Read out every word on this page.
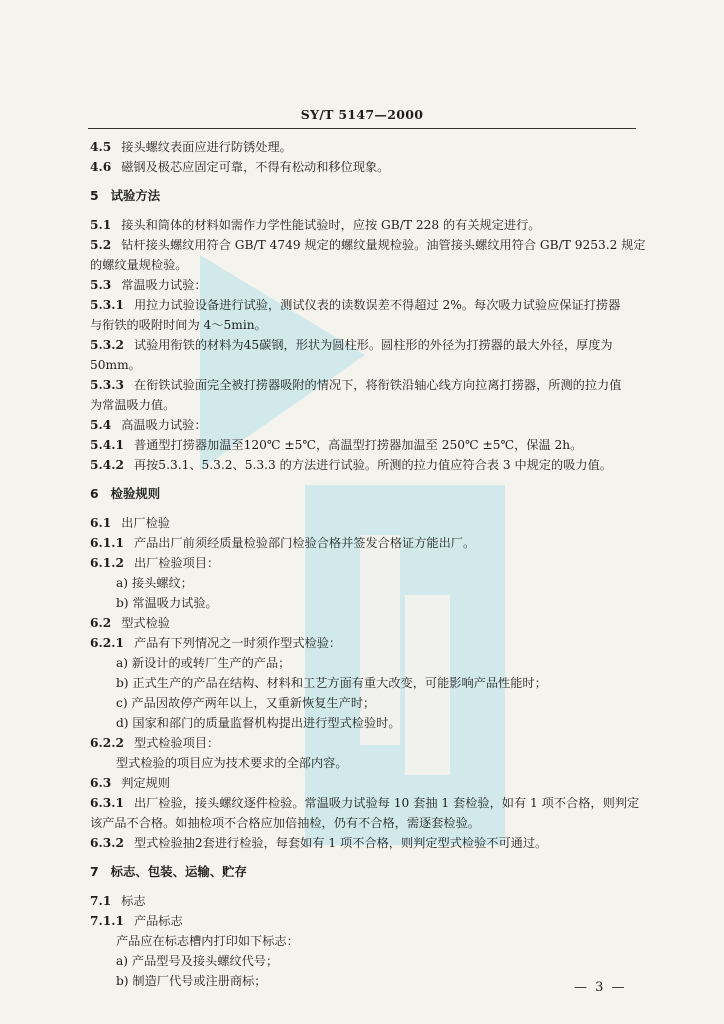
SY/T 5147—2000
4.5 接头螺纹表面应进行防锈处理。
4.6 磁钢及极芯应固定可靠，不得有松动和移位现象。
5 试验方法
5.1 接头和筒体的材料如需作力学性能试验时，应按 GB/T 228 的有关规定进行。
5.2 钻杆接头螺纹用符合 GB/T 4749 规定的螺纹量规检验。油管接头螺纹用符合 GB/T 9253.2 规定
的螺纹量规检验。
5.3 常温吸力试验：
5.3.1 用拉力试验设备进行试验，测试仪表的读数误差不得超过 2%。每次吸力试验应保证打捞器
与衔铁的吸附时间为 4～5min。
5.3.2 试验用衔铁的材料为45碳钢，形状为圆柱形。圆柱形的外径为打捞器的最大外径，厚度为
50mm。
5.3.3 在衔铁试验面完全被打捞器吸附的情况下，将衔铁沿轴心线方向拉离打捞器，所测的拉力值
为常温吸力值。
5.4 高温吸力试验：
5.4.1 普通型打捞器加温至120℃ ±5℃，高温型打捞器加温至 250℃ ±5℃，保温 2h。
5.4.2 再按5.3.1、5.3.2、5.3.3 的方法进行试验。所测的拉力值应符合表 3 中规定的吸力值。
6 检验规则
6.1 出厂检验
6.1.1 产品出厂前须经质量检验部门检验合格并签发合格证方能出厂。
6.1.2 出厂检验项目：
a) 接头螺纹；
b) 常温吸力试验。
6.2 型式检验
6.2.1 产品有下列情况之一时须作型式检验：
a) 新设计的或转厂生产的产品；
b) 正式生产的产品在结构、材料和工艺方面有重大改变，可能影响产品性能时；
c) 产品因故停产两年以上，又重新恢复生产时；
d) 国家和部门的质量监督机构提出进行型式检验时。
6.2.2 型式检验项目：
型式检验的项目应为技术要求的全部内容。
6.3 判定规则
6.3.1 出厂检验，接头螺纹逐件检验。常温吸力试验每 10 套抽 1 套检验，如有 1 项不合格，则判定
该产品不合格。如抽检项不合格应加倍抽检，仍有不合格，需逐套检验。
6.3.2 型式检验抽2套进行检验，每套如有 1 项不合格，则判定型式检验不可通过。
7 标志、包装、运输、贮存
7.1 标志
7.1.1 产品标志
产品应在标志槽内打印如下标志：
a) 产品型号及接头螺纹代号；
b) 制造厂代号或注册商标；	— 3 —
